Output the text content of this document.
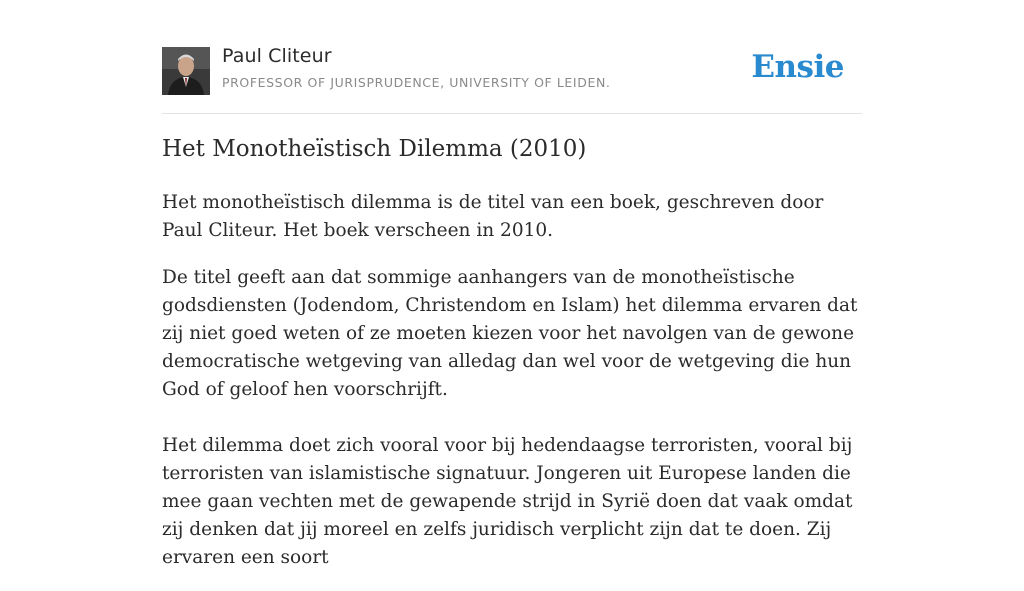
Paul Cliteur
PROFESSOR OF JURISPRUDENCE, UNIVERSITY OF LEIDEN.	Ensie
Het Monotheïstisch Dilemma (2010)

Het monotheïstisch dilemma is de titel van een boek, geschreven door Paul Cliteur. Het boek verscheen in 2010.

De titel geeft aan dat sommige aanhangers van de monotheïstische godsdiensten (Jodendom, Christendom en Islam) het dilemma ervaren dat zij niet goed weten of ze moeten kiezen voor het navolgen van de gewone democratische wetgeving van alledag dan wel voor de wetgeving die hun God of geloof hen voorschrijft.

Het dilemma doet zich vooral voor bij hedendaagse terroristen, vooral bij terroristen van islamistische signatuur. Jongeren uit Europese landen die mee gaan vechten met de gewapende strijd in Syrië doen dat vaak omdat zij denken dat jij moreel en zelfs juridisch verplicht zijn dat te doen. Zij ervaren een soort
